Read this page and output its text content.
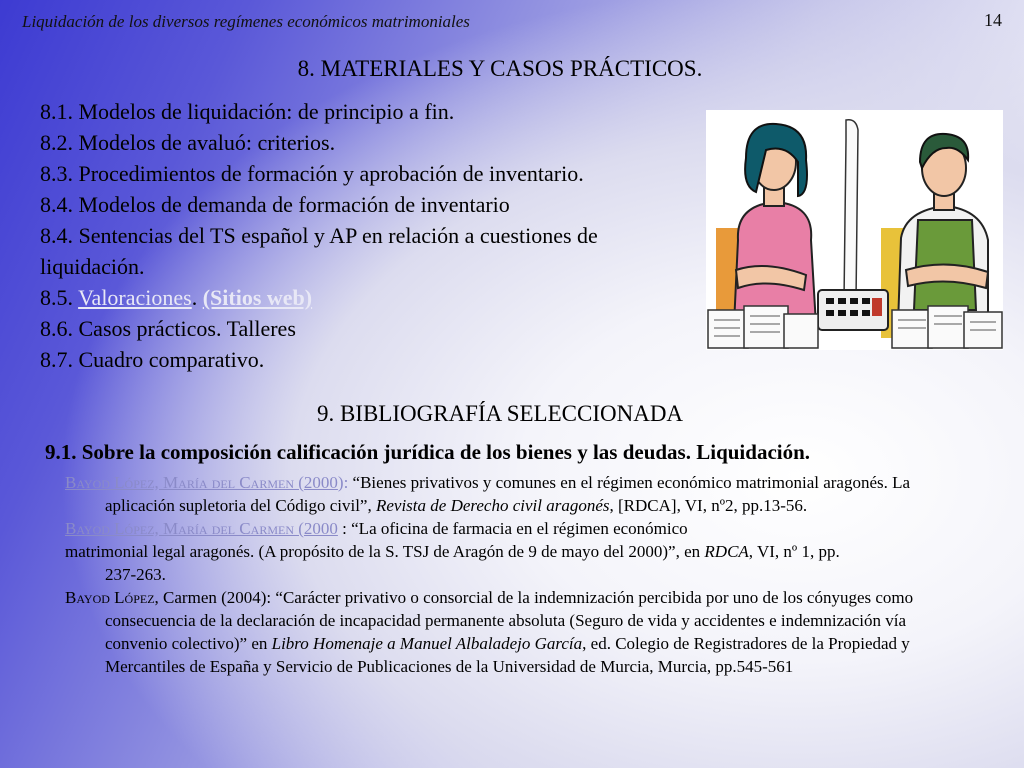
Liquidación de los diversos regímenes económicos matrimoniales	14
8. MATERIALES Y CASOS PRÁCTICOS.

8.1. Modelos de liquidación: de principio a fin.

8.2. Modelos de avaluó: criterios.

8.3. Procedimientos de formación y aprobación de inventario.

8.4. Modelos de demanda de formación de inventario

8.4. Sentencias del TS español y AP en relación a cuestiones de liquidación.

8.5. Valoraciones. (Sitios web)

8.6. Casos prácticos. Talleres

8.7. Cuadro comparativo.

9. BIBLIOGRAFÍA SELECCIONADA
9.1. Sobre la composición calificación jurídica de los bienes y las deudas. Liquidación.

Bayod López, María del Carmen (2000): “Bienes privativos y comunes en el régimen económico matrimonial aragonés. La aplicación supletoria del Código civil”, Revista de Derecho civil aragonés, [RDCA], VI, nº2, pp.13-56.

Bayod López, María del Carmen (2000 : “La oficina de farmacia en el régimen económico
matrimonial legal aragonés. (A propósito de la S. TSJ de Aragón de 9 de mayo del 2000)”, en RDCA, VI, nº 1, pp.
237-263.

Bayod López, Carmen (2004): “Carácter privativo o consorcial de la indemnización percibida por uno de los cónyuges como consecuencia de la declaración de incapacidad permanente absoluta (Seguro de vida y accidentes e indemnización vía convenio colectivo)” en Libro Homenaje a Manuel Albaladejo García, ed. Colegio de Registradores de la Propiedad y Mercantiles de España y Servicio de Publicaciones de la Universidad de Murcia, Murcia, pp.545-561
